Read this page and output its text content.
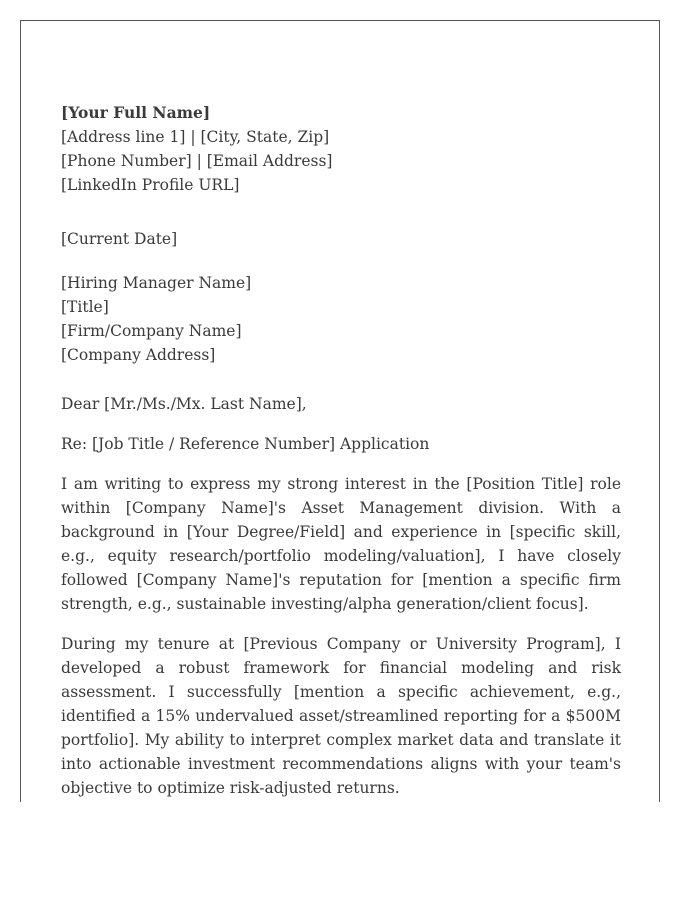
[Your Full Name]
[Address line 1] | [City, State, Zip]
[Phone Number] | [Email Address]
[LinkedIn Profile URL]
[Current Date]
[Hiring Manager Name]
[Title]
[Firm/Company Name]
[Company Address]
Dear [Mr./Ms./Mx. Last Name],
Re: [Job Title / Reference Number] Application

I am writing to express my strong interest in the [Position Title] role within [Company Name]'s Asset Management division. With a background in [Your Degree/Field] and experience in [specific skill, e.g., equity research/portfolio modeling/valuation], I have closely followed [Company Name]'s reputation for [mention a specific firm strength, e.g., sustainable investing/alpha generation/client focus].

During my tenure at [Previous Company or University Program], I developed a robust framework for financial modeling and risk assessment. I successfully [mention a specific achievement, e.g., identified a 15% undervalued asset/streamlined reporting for a $500M portfolio]. My ability to interpret complex market data and translate it into actionable investment recommendations aligns with your team's objective to optimize risk-adjusted returns.
